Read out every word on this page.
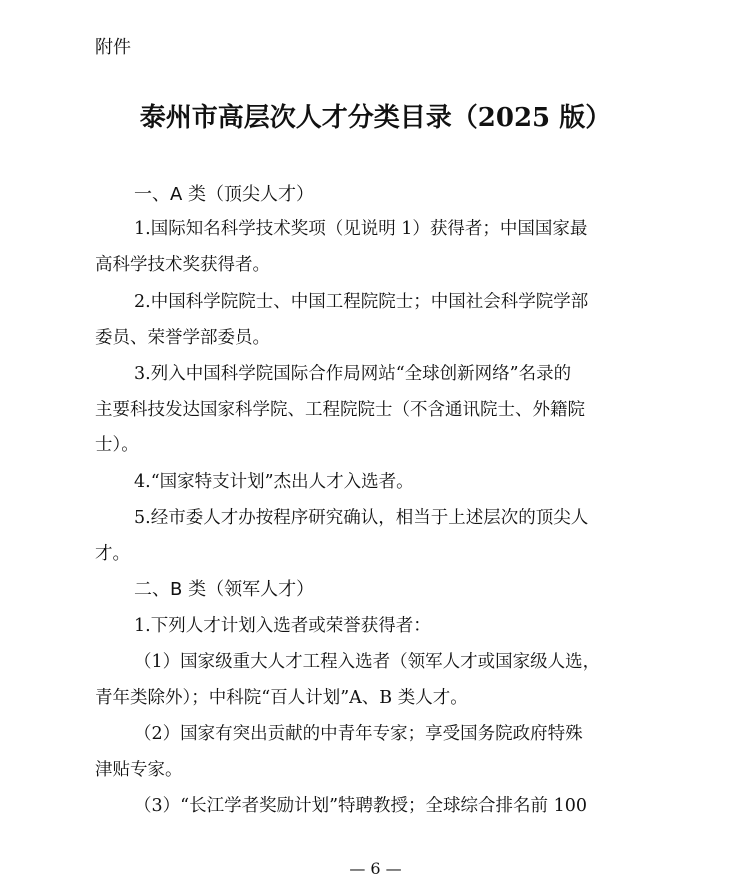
附件
泰州市高层次人才分类目录（2025 版）
一、A 类（顶尖人才）
1.国际知名科学技术奖项（见说明 1）获得者；中国国家最
高科学技术奖获得者。
2.中国科学院院士、中国工程院院士；中国社会科学院学部
委员、荣誉学部委员。
3.列入中国科学院国际合作局网站“全球创新网络”名录的
主要科技发达国家科学院、工程院院士（不含通讯院士、外籍院
士）。
4.“国家特支计划”杰出人才入选者。
5.经市委人才办按程序研究确认，相当于上述层次的顶尖人
才。
二、B 类（领军人才）
1.下列人才计划入选者或荣誉获得者：
（1）国家级重大人才工程入选者（领军人才或国家级人选，
青年类除外）；中科院“百人计划”A、B 类人才。
（2）国家有突出贡献的中青年专家；享受国务院政府特殊
津贴专家。
（3）“长江学者奖励计划”特聘教授；全球综合排名前 100
— 6 —
